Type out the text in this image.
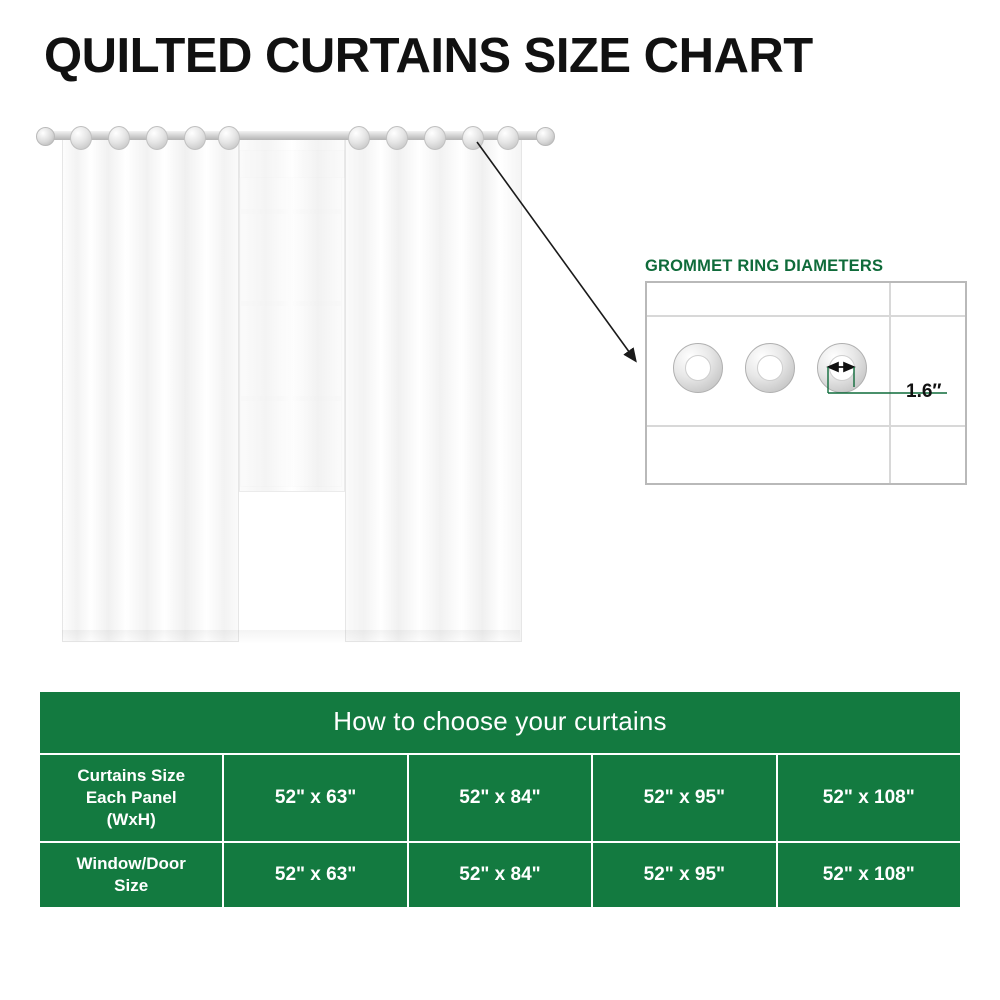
QUILTED CURTAINS SIZE CHART
GROMMET RING DIAMETERS
1.6″
How to choose your curtains				
Curtains Size
Each Panel
(WxH)	52" x 63"	52" x 84"	52" x 95"	52" x 108"
Window/Door
Size	52" x 63"	52" x 84"	52" x 95"	52" x 108"
